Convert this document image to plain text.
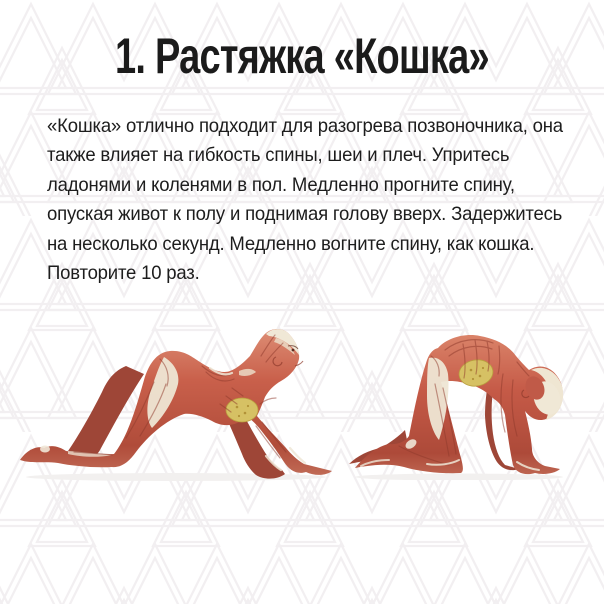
1. Растяжка «Кошка»
«Кошка» отлично подходит для разогрева позвоночника, она
также влияет на гибкость спины, шеи и плеч. Упритесь
ладонями и коленями в пол. Медленно прогните спину,
опуская живот к полу и поднимая голову вверх. Задержитесь
на несколько секунд. Медленно вогните спину, как кошка.
Повторите 10 раз.
